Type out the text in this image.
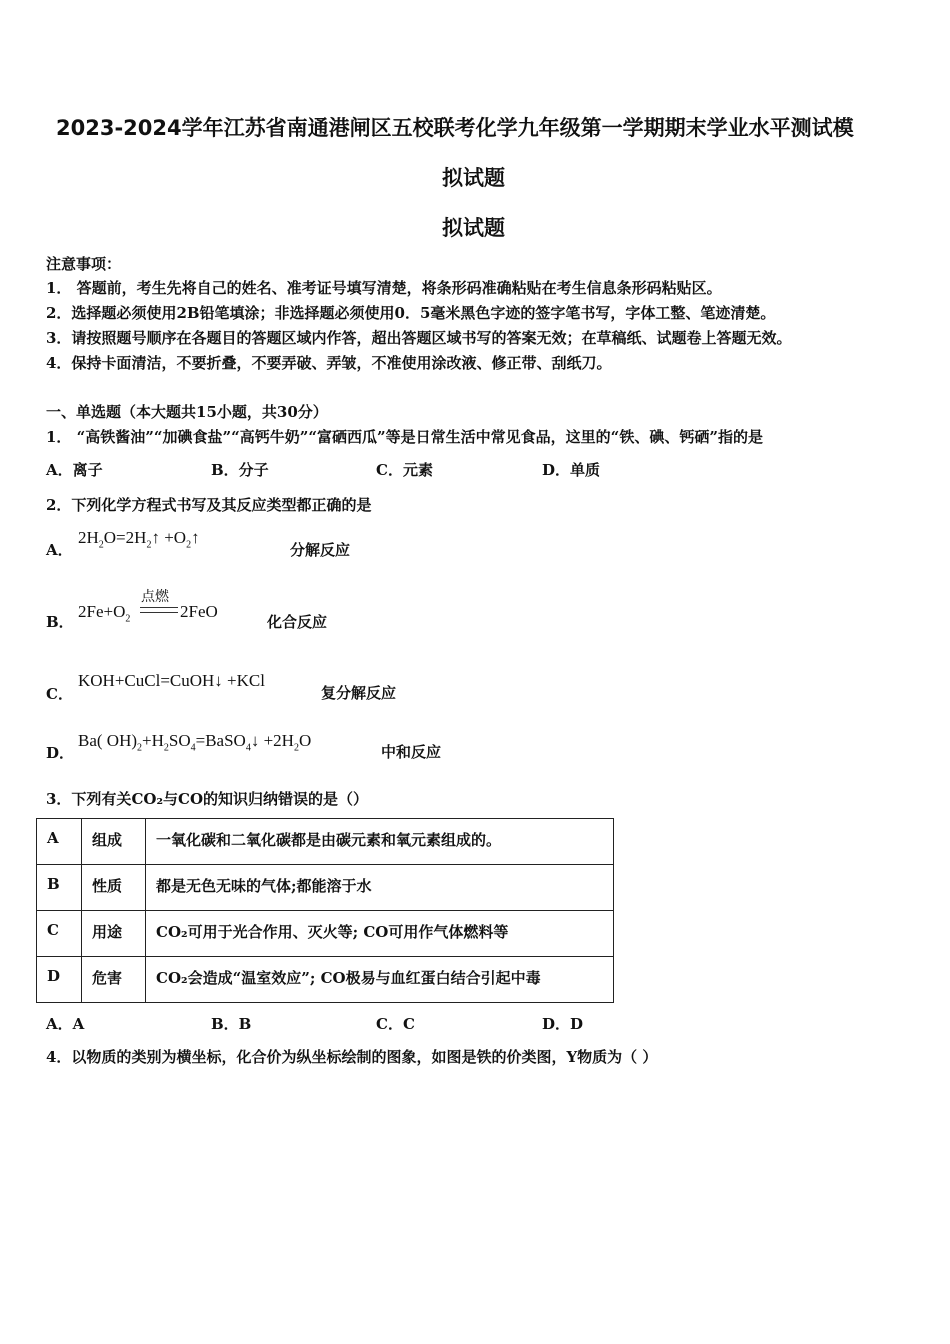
2023-2024学年江苏省南通港闸区五校联考化学九年级第一学期期末学业水平测试模
拟试题
拟试题
注意事项：
1． 答题前，考生先将自己的姓名、准考证号填写清楚，将条形码准确粘贴在考生信息条形码粘贴区。
2．选择题必须使用2B铅笔填涂；非选择题必须使用0．5毫米黑色字迹的签字笔书写，字体工整、笔迹清楚。
3．请按照题号顺序在各题目的答题区域内作答，超出答题区域书写的答案无效；在草稿纸、试题卷上答题无效。
4．保持卡面清洁，不要折叠，不要弄破、弄皱，不准使用涂改液、修正带、刮纸刀。
一、单选题（本大题共15小题，共30分）
1． “高铁酱油”“加碘食盐”“高钙牛奶”“富硒西瓜”等是日常生活中常见食品，这里的“铁、碘、钙硒”指的是
A．离子	B．分子	C．元素	D．单质
2．下列化学方程式书写及其反应类型都正确的是
A．
$2H_2O=2H_2↑$ $+O_2↑$
分解反应
B．
$2Fe+O_2$
点燃
2FeO
化合反应
C．
KOH+CuCl=CuOH↓ +KCl
复分解反应
D．
Ba( $OH)_2+H_2SO_4=BaSO_4↓ +2H_2O$
中和反应
3．下列有关CO₂与CO的知识归纳错误的是（）
A	组成	一氧化碳和二氧化碳都是由碳元素和氧元素组成的。
B	性质	都是无色无味的气体;都能溶于水
C	用途	CO₂可用于光合作用、灭火等; CO可用作气体燃料等
D	危害	CO₂会造成“温室效应”; CO极易与血红蛋白结合引起中毒
A．A	B．B	C．C	D．D
4．以物质的类别为横坐标，化合价为纵坐标绘制的图象，如图是铁的价类图，Y物质为（ ）
